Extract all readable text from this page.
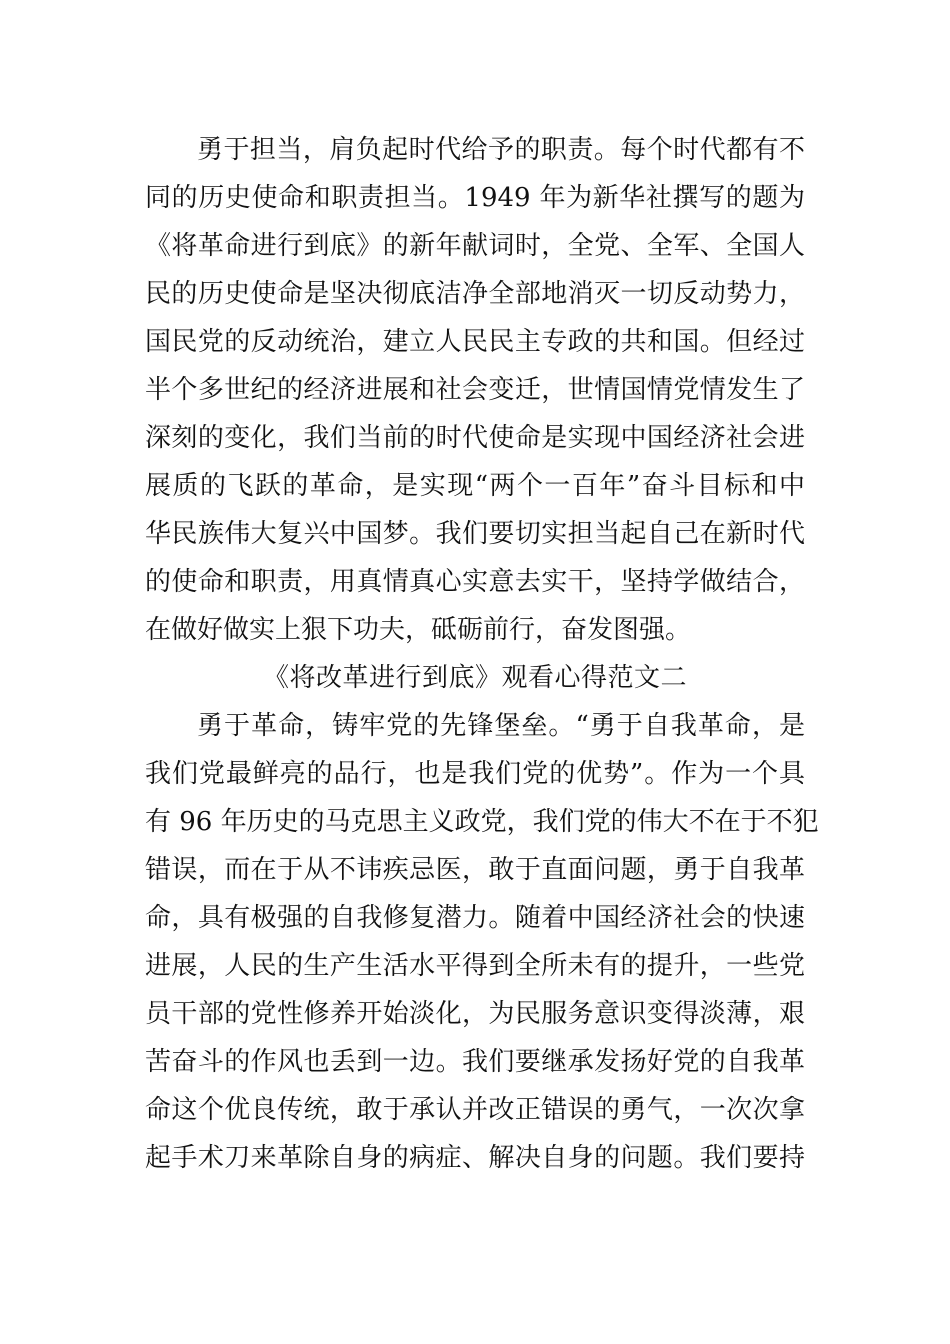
勇于担当，肩负起时代给予的职责。每个时代都有不
同的历史使命和职责担当。1949 年为新华社撰写的题为
《将革命进行到底》的新年献词时，全党、全军、全国人
民的历史使命是坚决彻底洁净全部地消灭一切反动势力，
国民党的反动统治，建立人民民主专政的共和国。但经过
半个多世纪的经济进展和社会变迁，世情国情党情发生了
深刻的变化，我们当前的时代使命是实现中国经济社会进
展质的飞跃的革命，是实现“两个一百年”奋斗目标和中
华民族伟大复兴中国梦。我们要切实担当起自己在新时代
的使命和职责，用真情真心实意去实干，坚持学做结合，
在做好做实上狠下功夫，砥砺前行，奋发图强。
《将改革进行到底》观看心得范文二
勇于革命，铸牢党的先锋堡垒。“勇于自我革命，是
我们党最鲜亮的品行，也是我们党的优势”。作为一个具
有 96 年历史的马克思主义政党，我们党的伟大不在于不犯
错误，而在于从不讳疾忌医，敢于直面问题，勇于自我革
命，具有极强的自我修复潜力。随着中国经济社会的快速
进展，人民的生产生活水平得到全所未有的提升，一些党
员干部的党性修养开始淡化，为民服务意识变得淡薄，艰
苦奋斗的作风也丢到一边。我们要继承发扬好党的自我革
命这个优良传统，敢于承认并改正错误的勇气，一次次拿
起手术刀来革除自身的病症、解决自身的问题。我们要持
